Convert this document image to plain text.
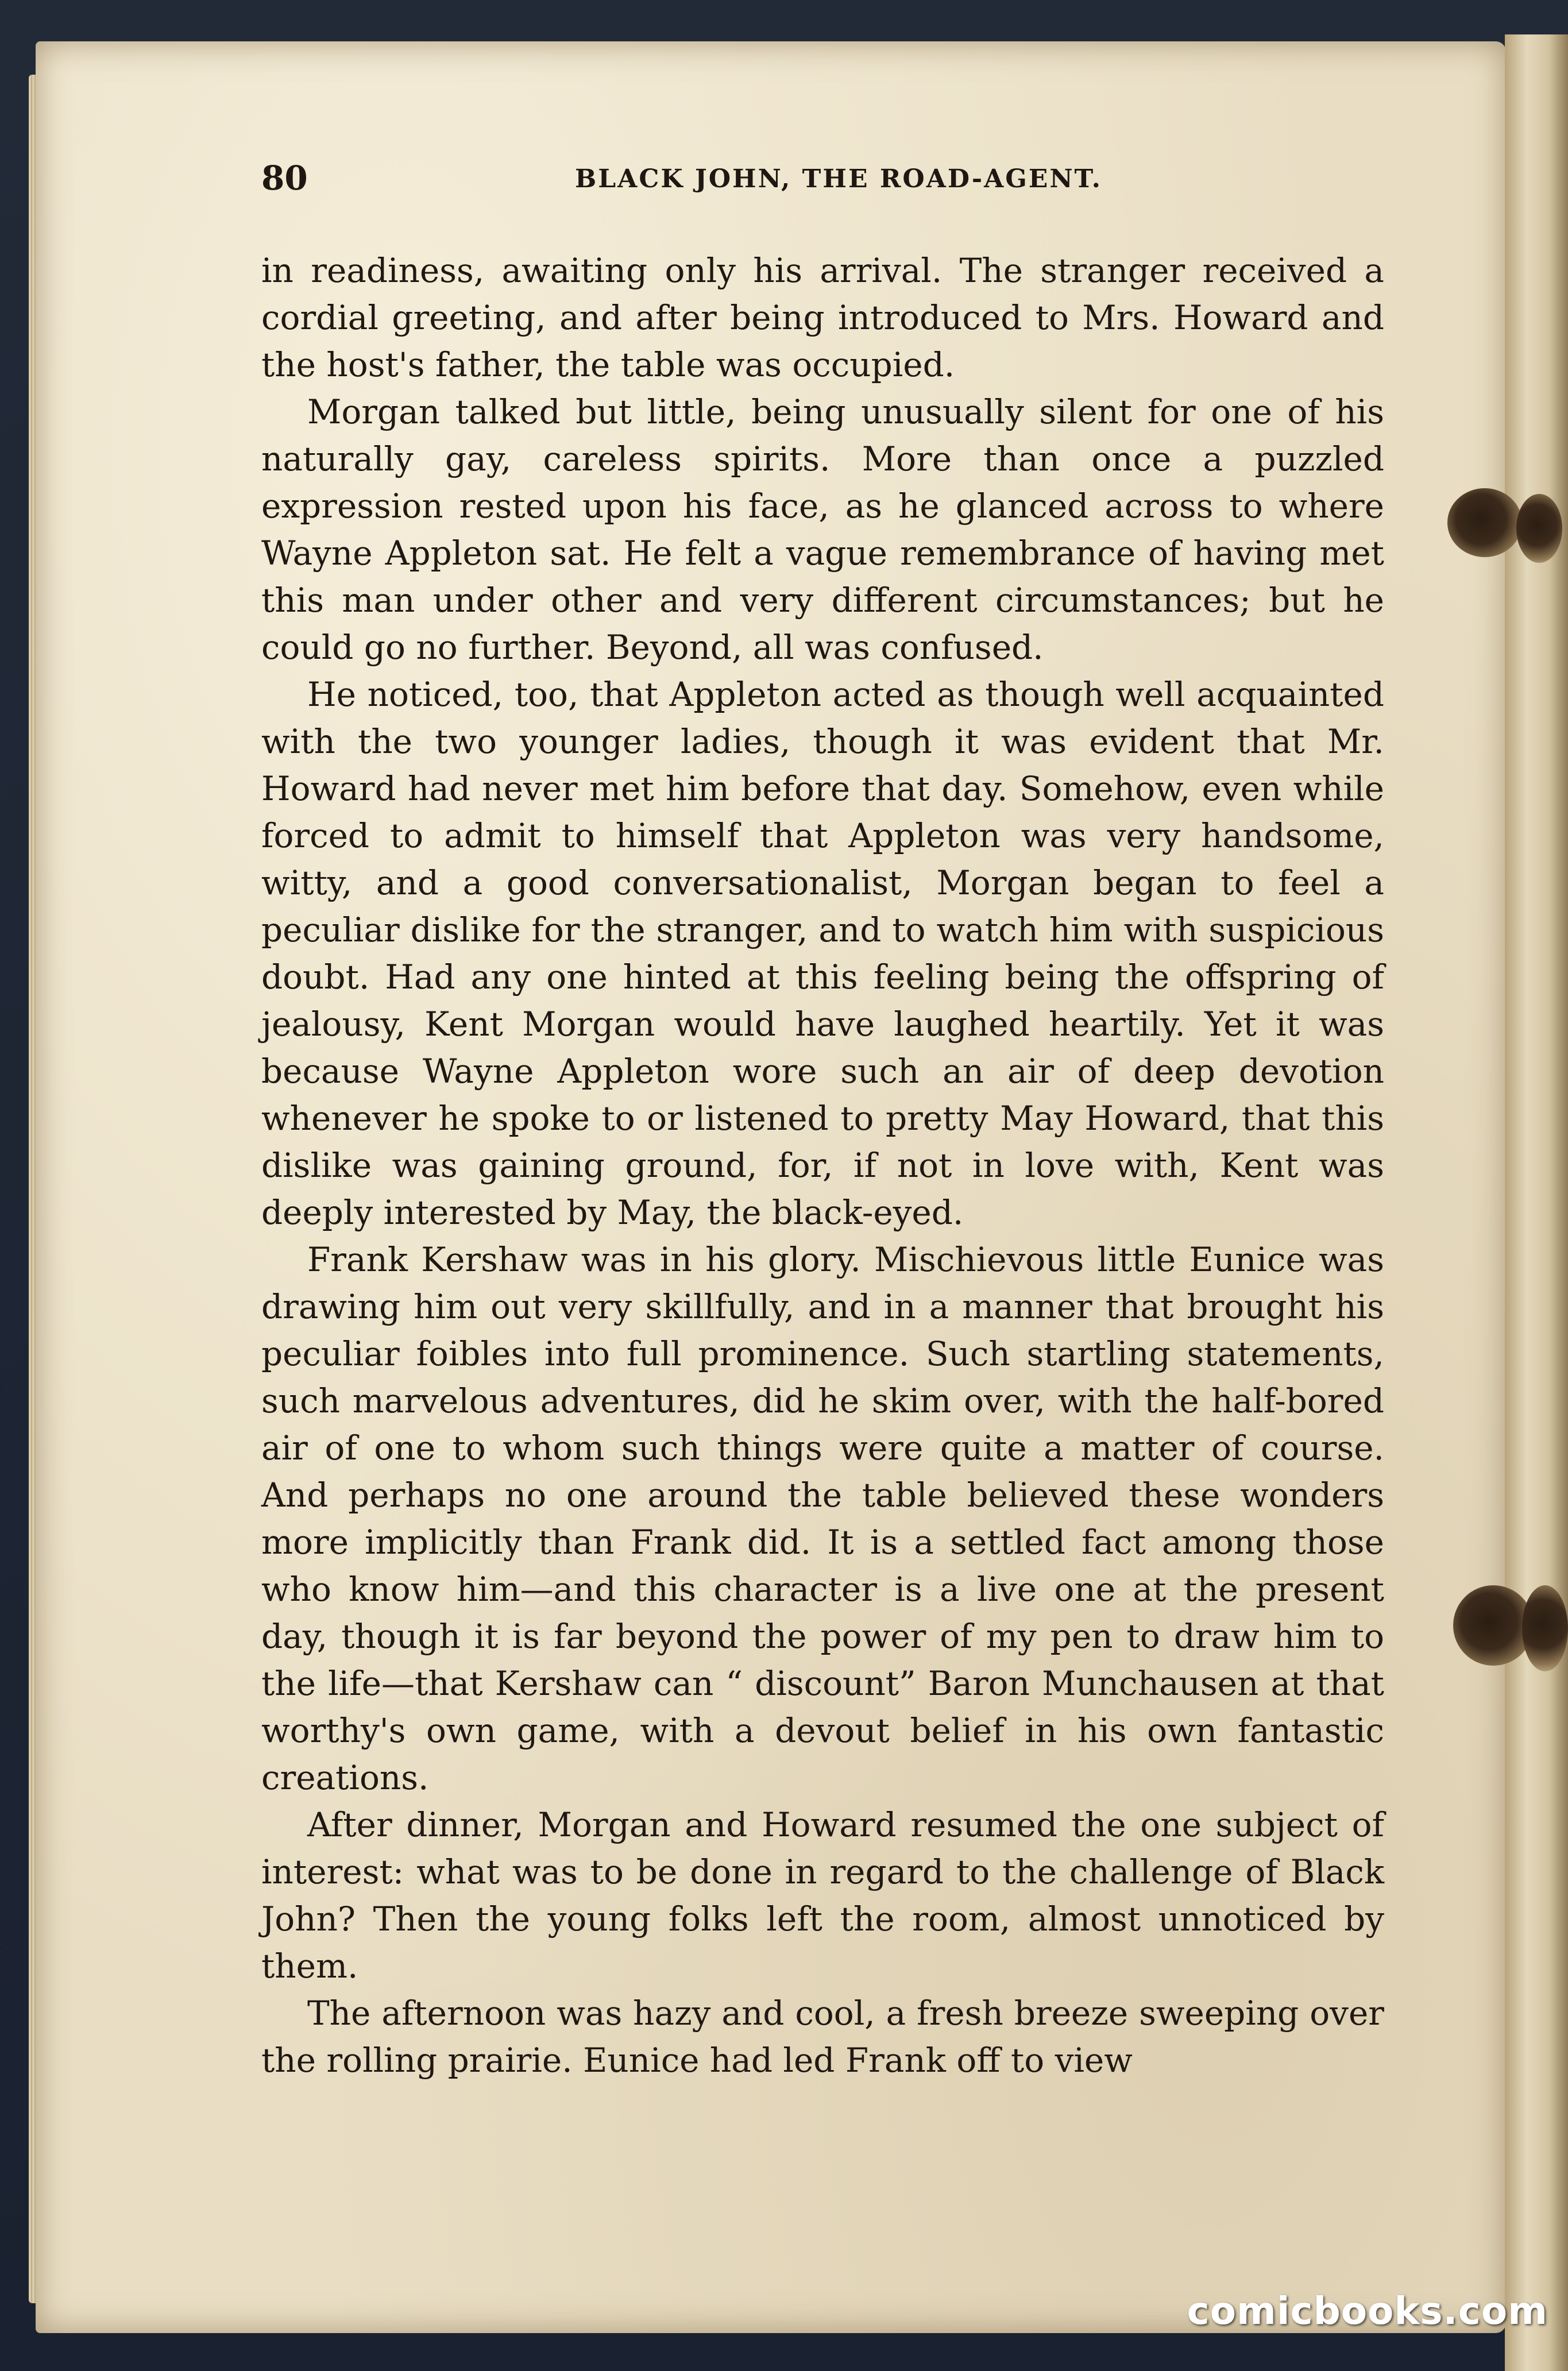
80	BLACK JOHN, THE ROAD-AGENT.

in readiness, awaiting only his arrival. The stranger received a cordial greeting, and after being introduced to Mrs. Howard and the host's father, the table was occupied.

Morgan talked but little, being unusually silent for one of his naturally gay, careless spirits. More than once a puzzled expression rested upon his face, as he glanced across to where Wayne Appleton sat. He felt a vague remembrance of having met this man under other and very different circumstances; but he could go no further. Beyond, all was confused.

He noticed, too, that Appleton acted as though well acquainted with the two younger ladies, though it was evident that Mr. Howard had never met him before that day. Somehow, even while forced to admit to himself that Appleton was very handsome, witty, and a good conversationalist, Morgan began to feel a peculiar dislike for the stranger, and to watch him with suspicious doubt. Had any one hinted at this feeling being the offspring of jealousy, Kent Morgan would have laughed heartily. Yet it was because Wayne Appleton wore such an air of deep devotion whenever he spoke to or listened to pretty May Howard, that this dislike was gaining ground, for, if not in love with, Kent was deeply interested by May, the black-eyed.

Frank Kershaw was in his glory. Mischievous little Eunice was drawing him out very skillfully, and in a manner that brought his peculiar foibles into full prominence. Such startling statements, such marvelous adventures, did he skim over, with the half-bored air of one to whom such things were quite a matter of course. And perhaps no one around the table believed these wonders more implicitly than Frank did. It is a settled fact among those who know him—and this character is a live one at the present day, though it is far beyond the power of my pen to draw him to the life—that Kershaw can “ discount” Baron Munchausen at that worthy's own game, with a devout belief in his own fantastic creations.

After dinner, Morgan and Howard resumed the one subject of interest: what was to be done in regard to the challenge of Black John? Then the young folks left the room, almost unnoticed by them.

The afternoon was hazy and cool, a fresh breeze sweeping over the rolling prairie. Eunice had led Frank off to view

comicbooks.com
